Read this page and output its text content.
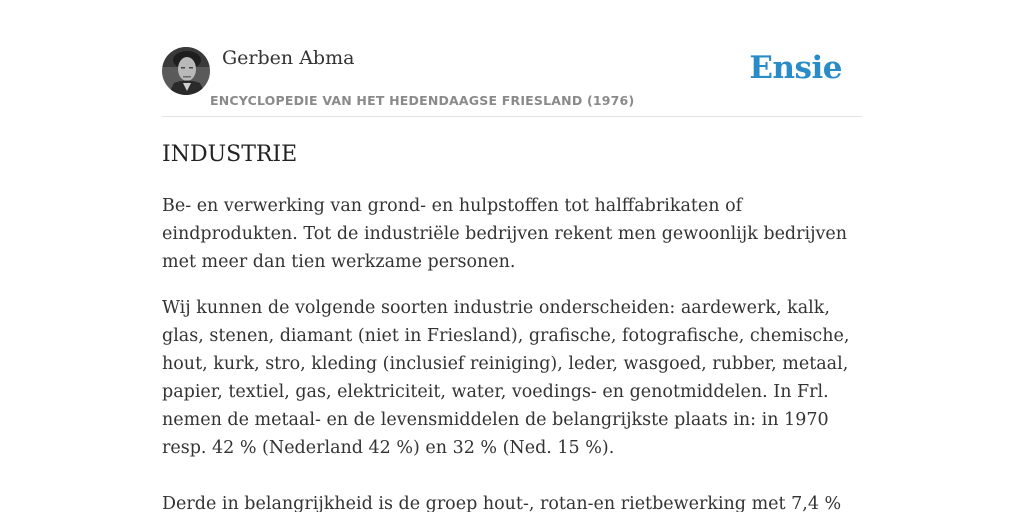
Gerben Abma
ENCYCLOPEDIE VAN HET HEDENDAAGSE FRIESLAND (1976)
Ensie
INDUSTRIE

Be- en verwerking van grond- en hulpstoffen tot halffabrikaten of eindprodukten. Tot de industriële bedrijven rekent men gewoonlijk bedrijven met meer dan tien werkzame personen.

Wij kunnen de volgende soorten industrie onderscheiden: aardewerk, kalk, glas, stenen, diamant (niet in Friesland), grafische, fotografische, chemische, hout, kurk, stro, kleding (inclusief reiniging), leder, wasgoed, rubber, metaal, papier, textiel, gas, elektriciteit, water, voedings- en genotmiddelen. In Frl. nemen de metaal- en de levensmiddelen de belangrijkste plaats in: in 1970 resp. 42 % (Nederland 42 %) en 32 % (Ned. 15 %).

Derde in belangrijkheid is de groep hout-, rotan-en rietbewerking met 7,4 %
